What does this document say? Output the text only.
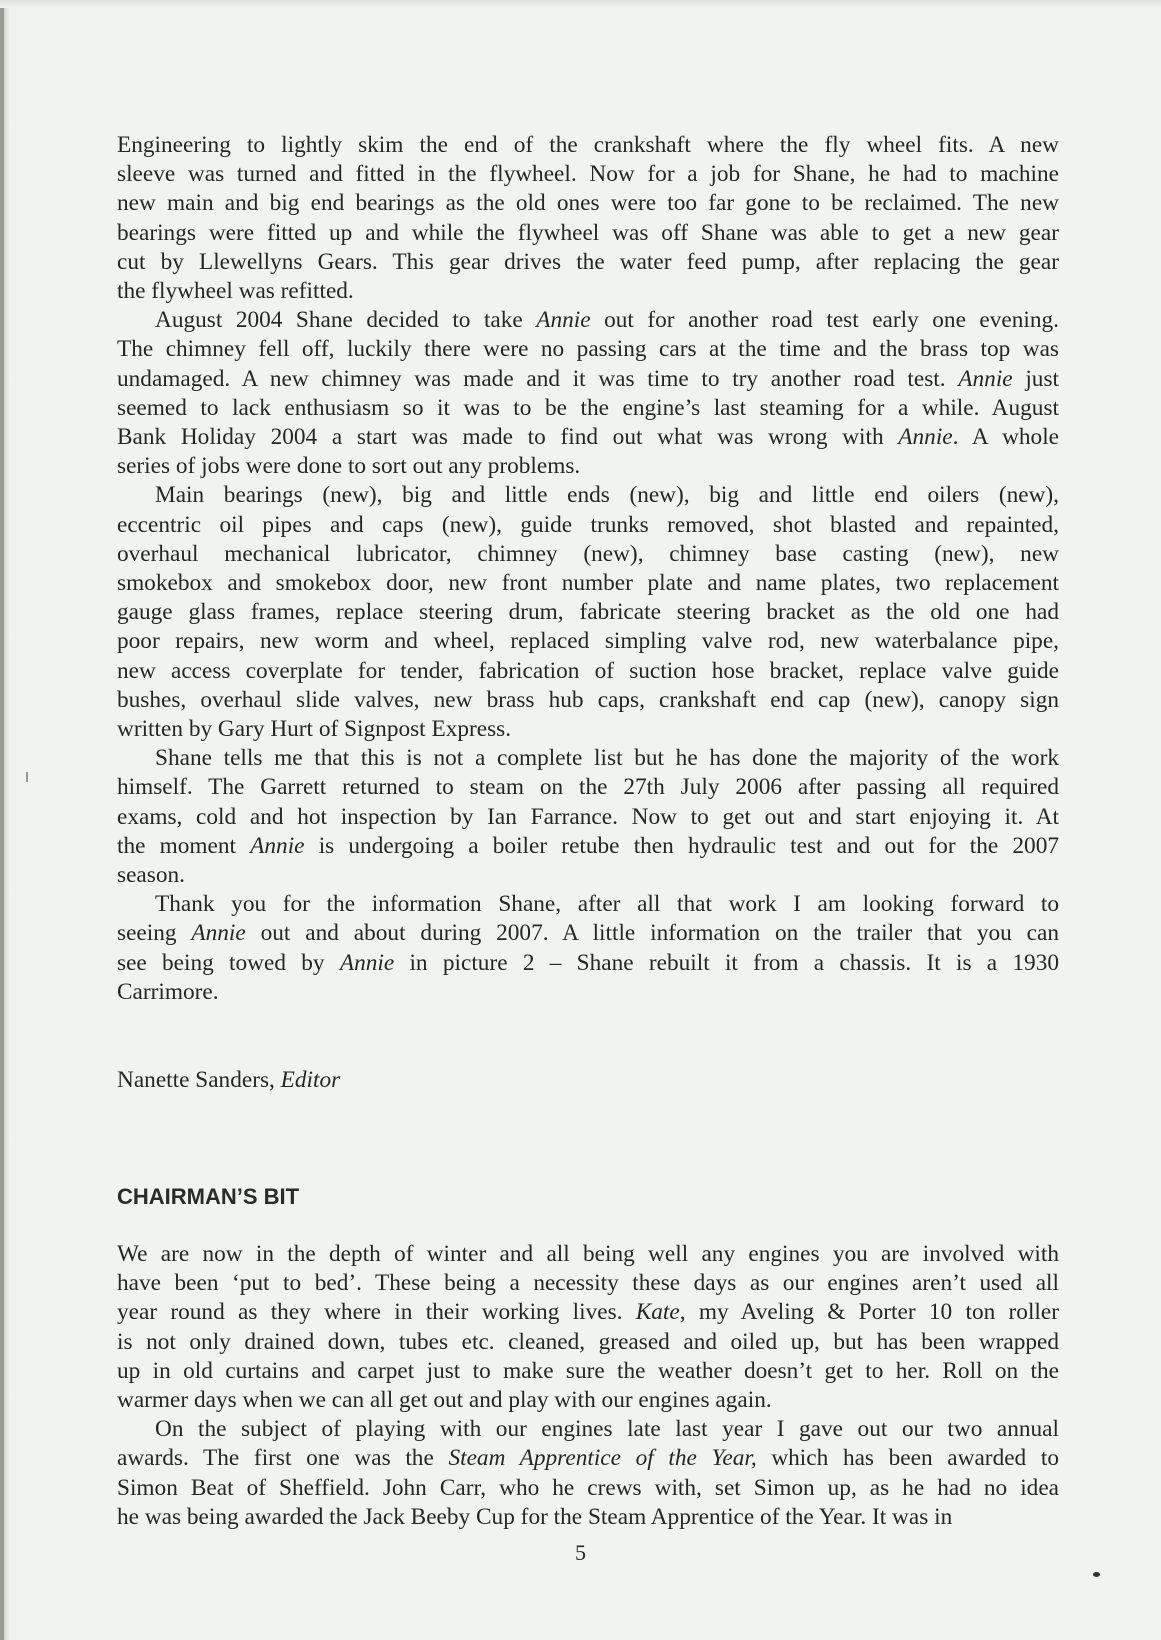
Engineering to lightly skim the end of the crankshaft where the fly wheel fits. A new
sleeve was turned and fitted in the flywheel. Now for a job for Shane, he had to machine
new main and big end bearings as the old ones were too far gone to be reclaimed. The new
bearings were fitted up and while the flywheel was off Shane was able to get a new gear
cut by Llewellyns Gears. This gear drives the water feed pump, after replacing the gear
the flywheel was refitted.
August 2004 Shane decided to take Annie out for another road test early one evening.
The chimney fell off, luckily there were no passing cars at the time and the brass top was
undamaged. A new chimney was made and it was time to try another road test. Annie just
seemed to lack enthusiasm so it was to be the engine’s last steaming for a while. August
Bank Holiday 2004 a start was made to find out what was wrong with Annie. A whole
series of jobs were done to sort out any problems.
Main bearings (new), big and little ends (new), big and little end oilers (new),
eccentric oil pipes and caps (new), guide trunks removed, shot blasted and repainted,
overhaul mechanical lubricator, chimney (new), chimney base casting (new), new
smokebox and smokebox door, new front number plate and name plates, two replacement
gauge glass frames, replace steering drum, fabricate steering bracket as the old one had
poor repairs, new worm and wheel, replaced simpling valve rod, new waterbalance pipe,
new access coverplate for tender, fabrication of suction hose bracket, replace valve guide
bushes, overhaul slide valves, new brass hub caps, crankshaft end cap (new), canopy sign
written by Gary Hurt of Signpost Express.
Shane tells me that this is not a complete list but he has done the majority of the work
himself. The Garrett returned to steam on the 27th July 2006 after passing all required
exams, cold and hot inspection by Ian Farrance. Now to get out and start enjoying it. At
the moment Annie is undergoing a boiler retube then hydraulic test and out for the 2007
season.
Thank you for the information Shane, after all that work I am looking forward to
seeing Annie out and about during 2007. A little information on the trailer that you can
see being towed by Annie in picture 2 – Shane rebuilt it from a chassis. It is a 1930
Carrimore.
Nanette Sanders, Editor
CHAIRMAN’S BIT
We are now in the depth of winter and all being well any engines you are involved with
have been ‘put to bed’. These being a necessity these days as our engines aren’t used all
year round as they where in their working lives. Kate, my Aveling & Porter 10 ton roller
is not only drained down, tubes etc. cleaned, greased and oiled up, but has been wrapped
up in old curtains and carpet just to make sure the weather doesn’t get to her. Roll on the
warmer days when we can all get out and play with our engines again.
On the subject of playing with our engines late last year I gave out our two annual
awards. The first one was the Steam Apprentice of the Year, which has been awarded to
Simon Beat of Sheffield. John Carr, who he crews with, set Simon up, as he had no idea
he was being awarded the Jack Beeby Cup for the Steam Apprentice of the Year. It was in
5
